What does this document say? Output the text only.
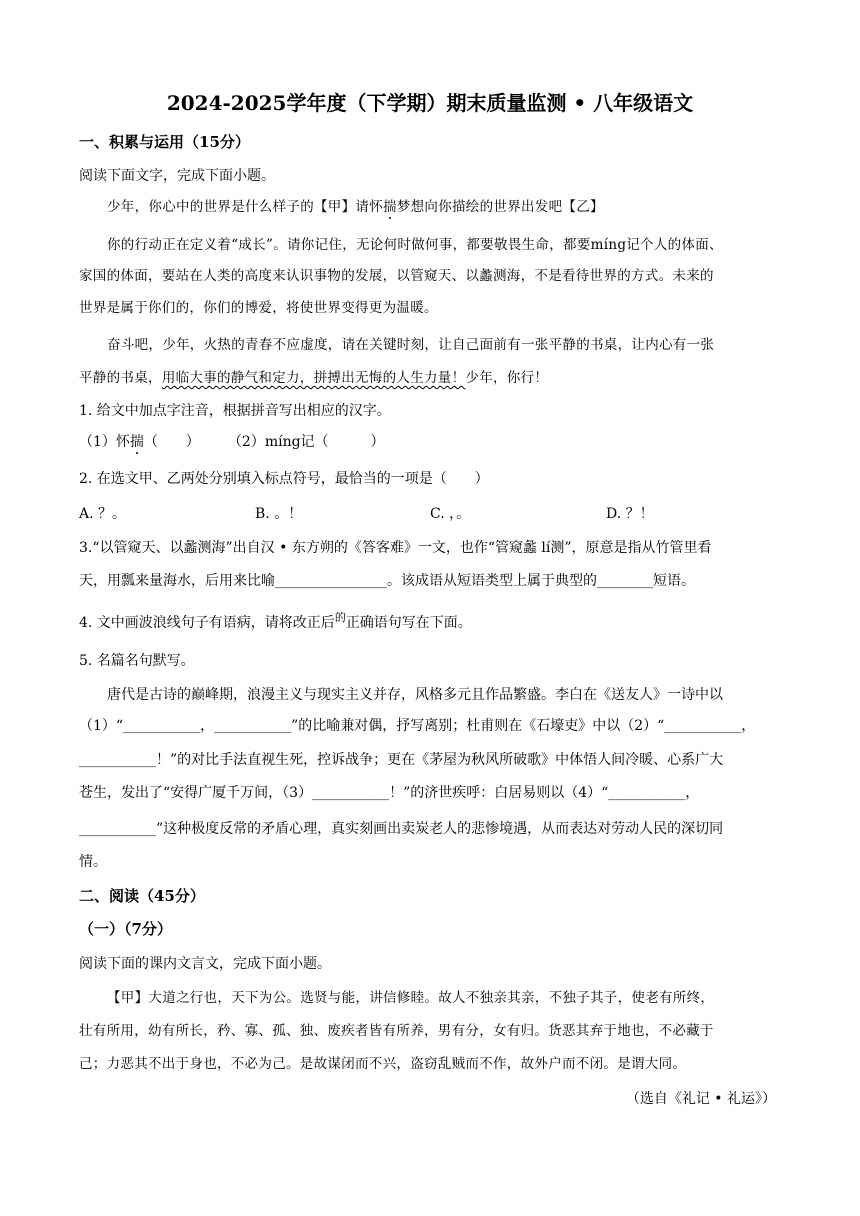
2024-2025学年度（下学期）期末质量监测 • 八年级语文
一、积累与运用（15分）
阅读下面文字，完成下面小题。
少年，你心中的世界是什么样子的【甲】请怀揣梦想向你描绘的世界出发吧【乙】
你的行动正在定义着“成长”。请你记住，无论何时做何事，都要敬畏生命，都要míng记个人的体面、
家国的体面，要站在人类的高度来认识事物的发展，以管窥天、以蠡测海，不是看待世界的方式。未来的
世界是属于你们的，你们的博爱，将使世界变得更为温暖。
奋斗吧，少年，火热的青春不应虚度，请在关键时刻，让自己面前有一张平静的书桌，让内心有一张
平静的书桌，用临大事的静气和定力，拼搏出无悔的人生力量！少年，你行！
1. 给文中加点字注音，根据拼音写出相应的汉字。
（1）怀揣（　　）　　　（2）míng记（　　　）
2. 在选文甲、乙两处分别填入标点符号，最恰当的一项是（　　）
A. ？。	B. 。！	C. ，。	D. ？！
3.“以管窥天、以蠡测海”出自汉 • 东方朔的《答客难》一文，也作“管窥蠡 lí测”，原意是指从竹管里看
天，用瓢来量海水，后用来比喻________________。该成语从短语类型上属于典型的________短语。
4. 文中画波浪线句子有语病，请将改正后$^的$正确语句写在下面。
5. 名篇名句默写。
唐代是古诗的巅峰期，浪漫主义与现实主义并存，风格多元且作品繁盛。李白在《送友人》一诗中以
（1）“___________，___________”的比喻兼对偶，抒写离别；杜甫则在《石壕吏》中以（2）“___________，
___________！”的对比手法直视生死，控诉战争；更在《茅屋为秋风所破歌》中体悟人间冷暖、心系广大
苍生，发出了“安得广厦千万间，（3）___________！”的济世疾呼：白居易则以（4）“___________，
___________”这种极度反常的矛盾心理，真实刻画出卖炭老人的悲惨境遇，从而表达对劳动人民的深切同
情。
二、阅读（45分）
（一）（7分）
阅读下面的课内文言文，完成下面小题。
【甲】大道之行也，天下为公。选贤与能，讲信修睦。故人不独亲其亲，不独子其子，使老有所终，
壮有所用，幼有所长，矜、寡、孤、独、废疾者皆有所养，男有分，女有归。货恶其弃于地也，不必藏于
己；力恶其不出于身也，不必为己。是故谋闭而不兴，盗窃乱贼而不作，故外户而不闭。是谓大同。
（选自《礼记 • 礼运》）
